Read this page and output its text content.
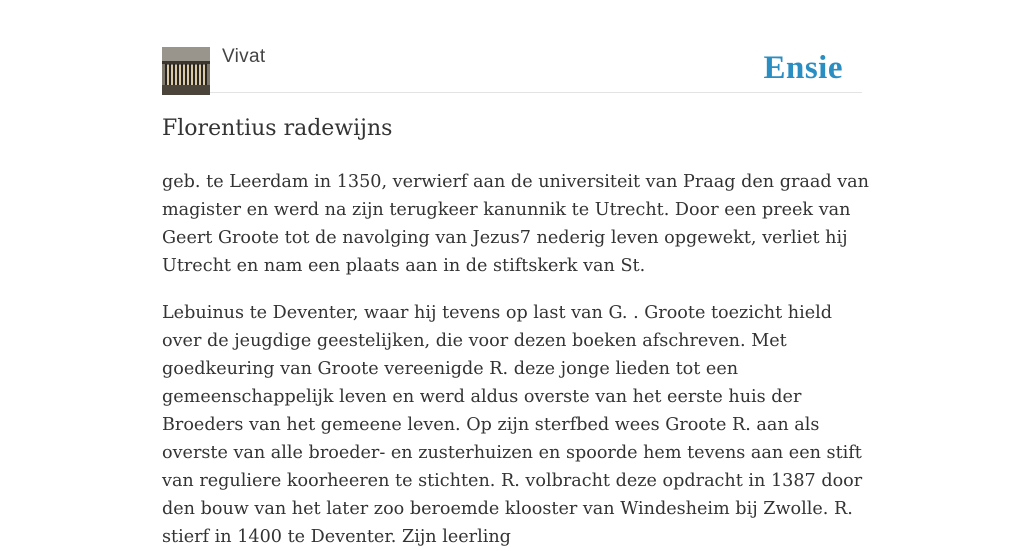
Vivat	Ensie
Florentius radewijns

geb. te Leerdam in 1350, verwierf aan de universiteit van Praag den graad van magister en werd na zijn terugkeer kanunnik te Utrecht. Door een preek van Geert Groote tot de navolging van Jezus7 nederig leven opgewekt, verliet hij Utrecht en nam een plaats aan in de stiftskerk van St.

Lebuinus te Deventer, waar hij tevens op last van G. . Groote toezicht hield over de jeugdige geestelijken, die voor dezen boeken afschreven. Met goedkeuring van Groote vereenigde R. deze jonge lieden tot een gemeenschappelijk leven en werd aldus overste van het eerste huis der Broeders van het gemeene leven. Op zijn sterfbed wees Groote R. aan als overste van alle broeder- en zusterhuizen en spoorde hem tevens aan een stift van reguliere koorheeren te stichten. R. volbracht deze opdracht in 1387 door den bouw van het later zoo beroemde klooster van Windesheim bij Zwolle. R. stierf in 1400 te Deventer. Zijn leerling
